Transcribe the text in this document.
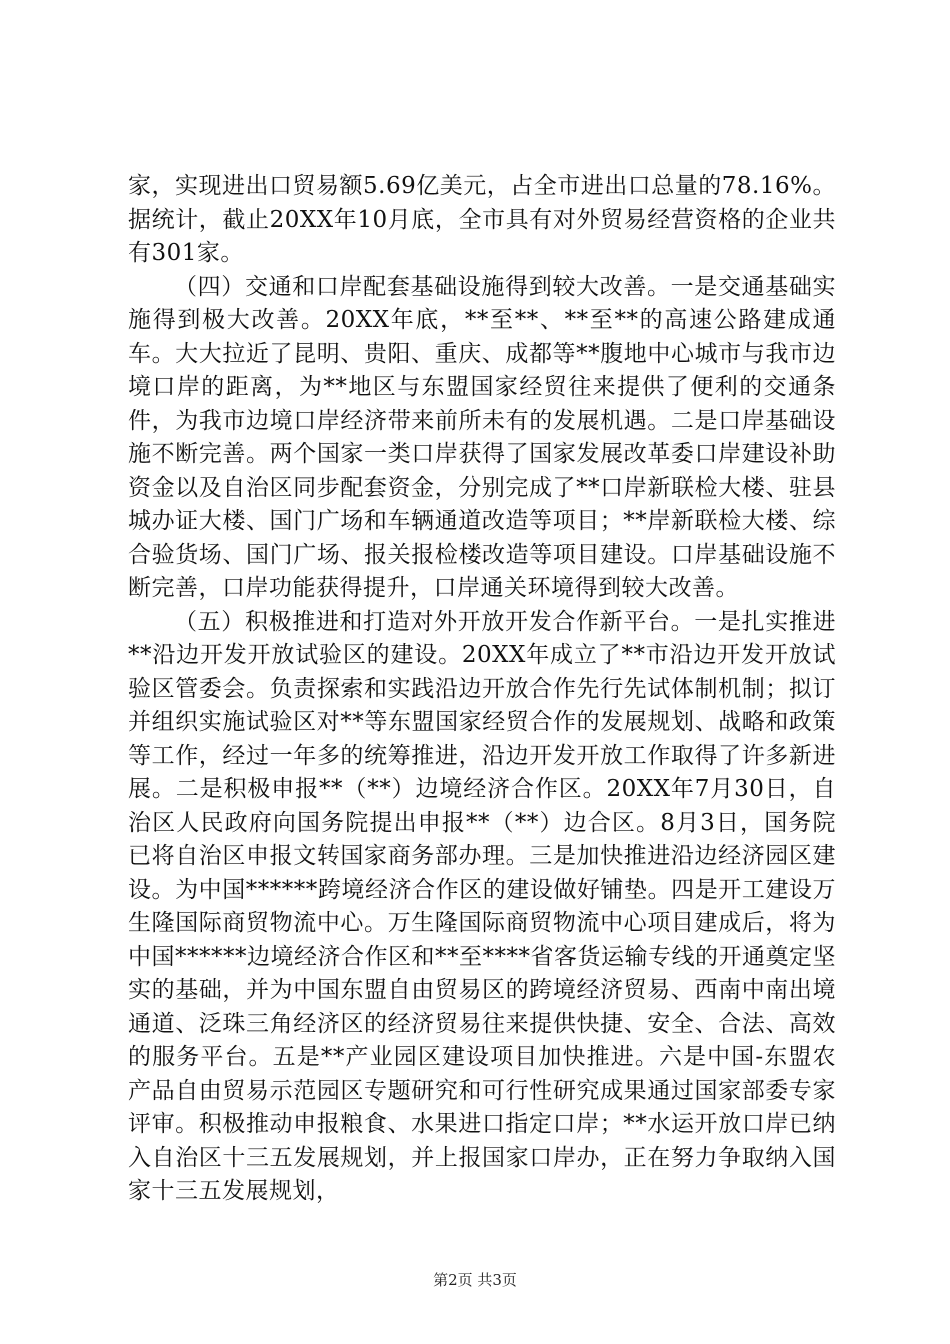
家，实现进出口贸易额5.69亿美元，占全市进出口总量的78.16%。据统计，截止20XX年10月底，全市具有对外贸易经营资格的企业共有301家。

（四）交通和口岸配套基础设施得到较大改善。一是交通基础实施得到极大改善。20XX年底，**至**、**至**的高速公路建成通车。大大拉近了昆明、贵阳、重庆、成都等**腹地中心城市与我市边境口岸的距离，为**地区与东盟国家经贸往来提供了便利的交通条件，为我市边境口岸经济带来前所未有的发展机遇。二是口岸基础设施不断完善。两个国家一类口岸获得了国家发展改革委口岸建设补助资金以及自治区同步配套资金，分别完成了**口岸新联检大楼、驻县城办证大楼、国门广场和车辆通道改造等项目；**岸新联检大楼、综合验货场、国门广场、报关报检楼改造等项目建设。口岸基础设施不断完善，口岸功能获得提升，口岸通关环境得到较大改善。

（五）积极推进和打造对外开放开发合作新平台。一是扎实推进**沿边开发开放试验区的建设。20XX年成立了**市沿边开发开放试验区管委会。负责探索和实践沿边开放合作先行先试体制机制；拟订并组织实施试验区对**等东盟国家经贸合作的发展规划、战略和政策等工作，经过一年多的统筹推进，沿边开发开放工作取得了许多新进展。二是积极申报**（**）边境经济合作区。20XX年7月30日，自治区人民政府向国务院提出申报**（**）边合区。8月3日，国务院已将自治区申报文转国家商务部办理。三是加快推进沿边经济园区建设。为中国******跨境经济合作区的建设做好铺垫。四是开工建设万生隆国际商贸物流中心。万生隆国际商贸物流中心项目建成后，将为中国******边境经济合作区和**至****省客货运输专线的开通奠定坚实的基础，并为中国东盟自由贸易区的跨境经济贸易、西南中南出境通道、泛珠三角经济区的经济贸易往来提供快捷、安全、合法、高效的服务平台。五是**产业园区建设项目加快推进。六是中国-东盟农产品自由贸易示范园区专题研究和可行性研究成果通过国家部委专家评审。积极推动申报粮食、水果进口指定口岸；**水运开放口岸已纳入自治区十三五发展规划，并上报国家口岸办，正在努力争取纳入国家十三五发展规划，

第2页 共3页
